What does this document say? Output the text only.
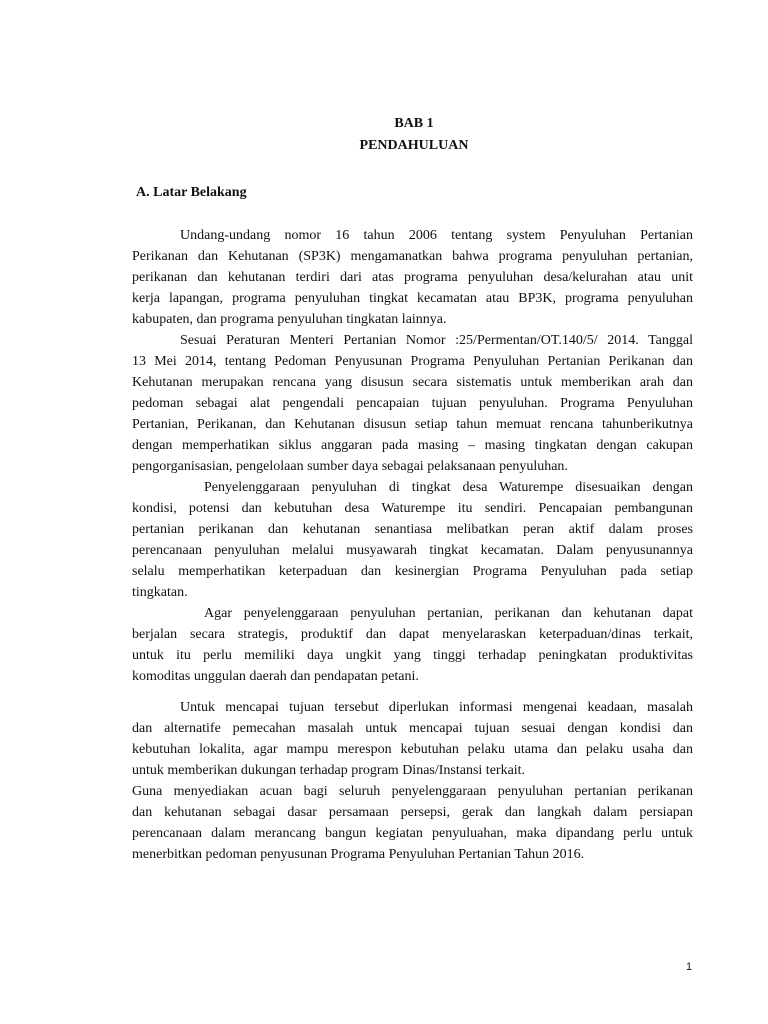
BAB 1
PENDAHULUAN
A. Latar Belakang
Undang-undang nomor 16 tahun 2006 tentang system Penyuluhan Pertanian
Perikanan dan Kehutanan (SP3K) mengamanatkan bahwa programa penyuluhan pertanian,
perikanan dan kehutanan terdiri dari atas programa penyuluhan desa/kelurahan atau unit
kerja lapangan, programa penyuluhan tingkat kecamatan atau BP3K, programa penyuluhan
kabupaten, dan programa penyuluhan tingkatan lainnya.
Sesuai Peraturan Menteri Pertanian Nomor :25/Permentan/OT.140/5/ 2014. Tanggal
13 Mei 2014, tentang Pedoman Penyusunan Programa Penyuluhan Pertanian Perikanan dan
Kehutanan merupakan rencana yang disusun secara sistematis untuk memberikan arah dan
pedoman sebagai alat pengendali pencapaian tujuan penyuluhan. Programa Penyuluhan
Pertanian, Perikanan, dan Kehutanan disusun setiap tahun memuat rencana tahunberikutnya
dengan memperhatikan siklus anggaran pada masing – masing tingkatan dengan cakupan
pengorganisasian, pengelolaan sumber daya sebagai pelaksanaan penyuluhan.
Penyelenggaraan penyuluhan di tingkat desa Waturempe disesuaikan dengan
kondisi, potensi dan kebutuhan desa Waturempe itu sendiri. Pencapaian pembangunan
pertanian perikanan dan kehutanan senantiasa melibatkan peran aktif dalam proses
perencanaan penyuluhan melalui musyawarah tingkat kecamatan. Dalam penyusunannya
selalu memperhatikan keterpaduan dan kesinergian Programa Penyuluhan pada setiap
tingkatan.
Agar penyelenggaraan penyuluhan pertanian, perikanan dan kehutanan dapat
berjalan secara strategis, produktif dan dapat menyelaraskan keterpaduan/dinas terkait,
untuk itu perlu memiliki daya ungkit yang tinggi terhadap peningkatan produktivitas
komoditas unggulan daerah dan pendapatan petani.
Untuk mencapai tujuan tersebut diperlukan informasi mengenai keadaan, masalah
dan alternatife pemecahan masalah untuk mencapai tujuan sesuai dengan kondisi dan
kebutuhan lokalita, agar mampu merespon kebutuhan pelaku utama dan pelaku usaha dan
untuk memberikan dukungan terhadap program Dinas/Instansi terkait.
Guna menyediakan acuan bagi seluruh penyelenggaraan penyuluhan pertanian perikanan
dan kehutanan sebagai dasar persamaan persepsi, gerak dan langkah dalam persiapan
perencanaan dalam merancang bangun kegiatan penyuluahan, maka dipandang perlu untuk
menerbitkan pedoman penyusunan Programa Penyuluhan Pertanian Tahun 2016.
1
